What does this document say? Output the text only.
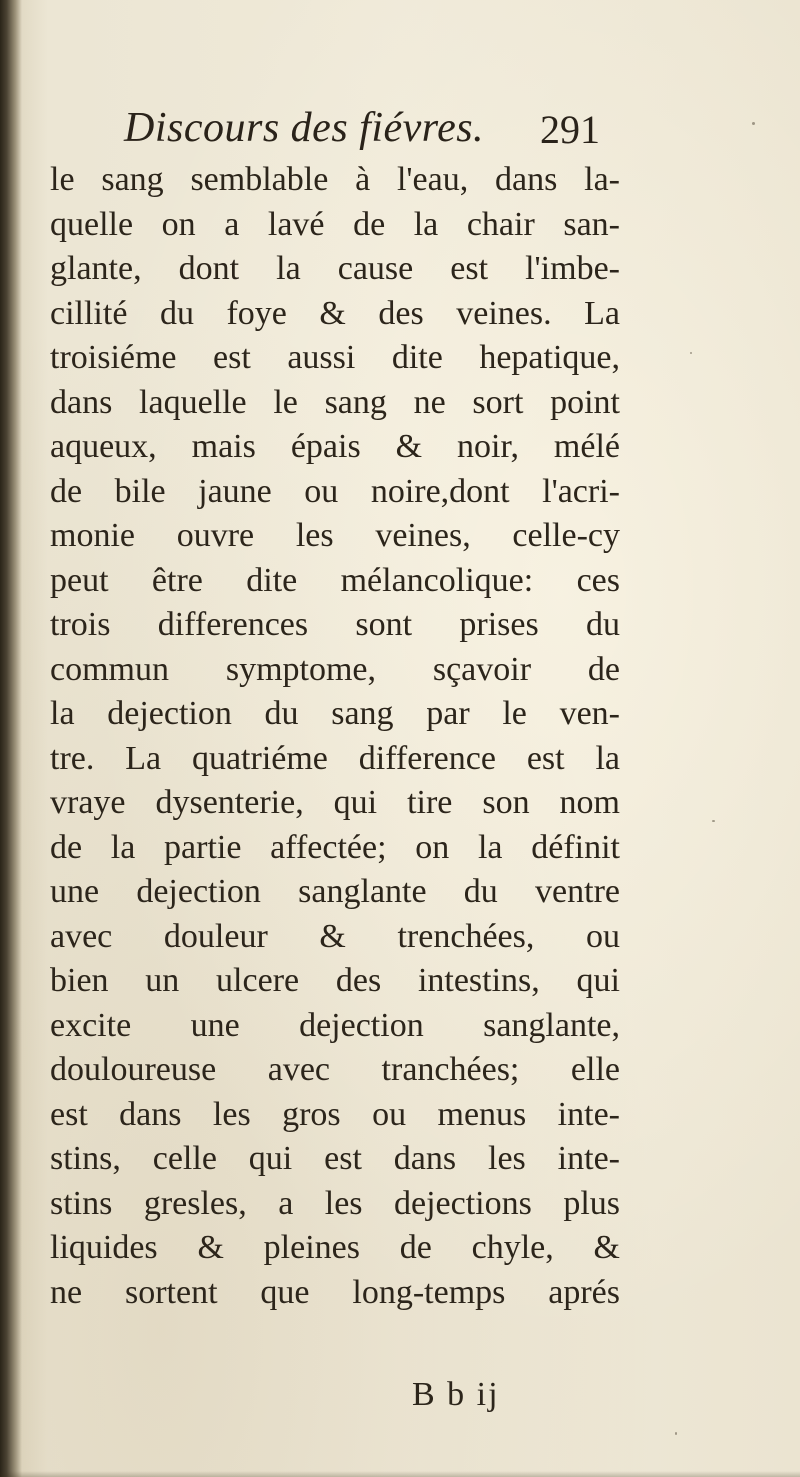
Discours des fiévres. 291
le sang semblable à l'eau, dans la-
quelle on a lavé de la chair san-
glante, dont la cause est l'imbe-
cillité du foye & des veines. La
troisiéme est aussi dite hepatique,
dans laquelle le sang ne sort point
aqueux, mais épais & noir, mélé
de bile jaune ou noire,dont l'acri-
monie ouvre les veines, celle-cy
peut être dite mélancolique: ces
trois differences sont prises du
commun symptome, sçavoir de
la dejection du sang par le ven-
tre. La quatriéme difference est la
vraye dysenterie, qui tire son nom
de la partie affectée; on la définit
une dejection sanglante du ventre
avec douleur & trenchées, ou
bien un ulcere des intestins, qui
excite une dejection sanglante,
douloureuse avec tranchées; elle
est dans les gros ou menus inte-
stins, celle qui est dans les inte-
stins gresles, a les dejections plus
liquides & pleines de chyle, &
ne sortent que long-temps aprés
B b ij
